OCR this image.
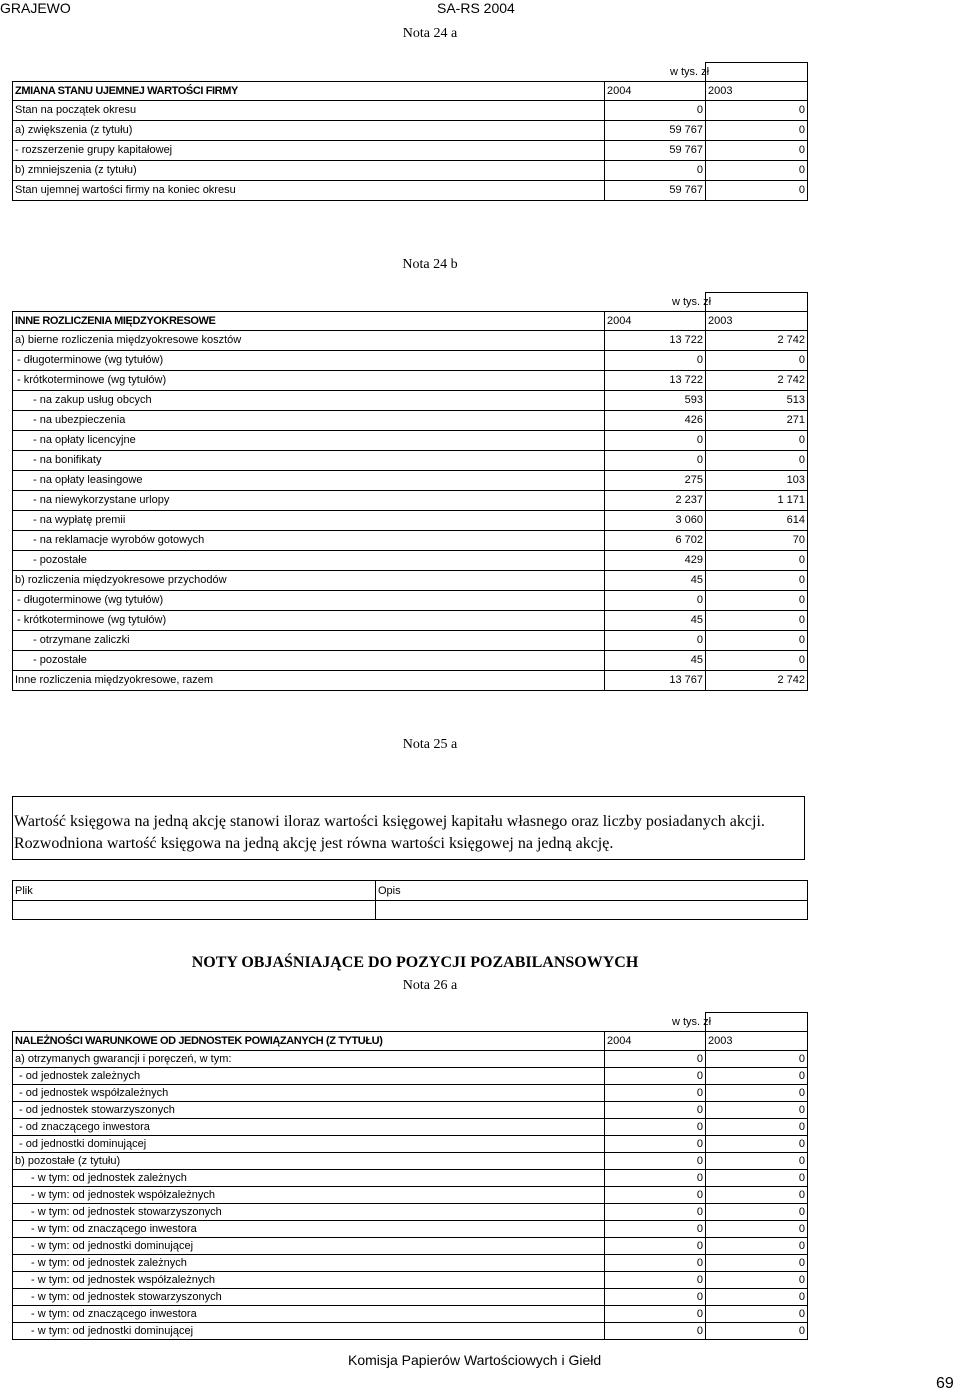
GRAJEWO	SA-RS 2004
Nota 24 a
		w tys. zł
ZMIANA STANU UJEMNEJ WARTOŚCI FIRMY	2004	2003
Stan na początek okresu	0	0
a) zwiększenia (z tytułu)	59 767	0
- rozszerzenie grupy kapitałowej	59 767	0
b) zmniejszenia (z tytułu)	0	0
Stan ujemnej wartości firmy na koniec okresu	59 767	0
Nota 24 b
		w tys. zł
INNE ROZLICZENIA MIĘDZYOKRESOWE	2004	2003
a) bierne rozliczenia międzyokresowe kosztów	13 722	2 742
- długoterminowe (wg tytułów)	0	0
- krótkoterminowe (wg tytułów)	13 722	2 742
- na zakup usług obcych	593	513
- na ubezpieczenia	426	271
- na opłaty licencyjne	0	0
- na bonifikaty	0	0
- na opłaty leasingowe	275	103
- na niewykorzystane urlopy	2 237	1 171
- na wypłatę premii	3 060	614
- na reklamacje wyrobów gotowych	6 702	70
- pozostałe	429	0
b) rozliczenia międzyokresowe przychodów	45	0
- długoterminowe (wg tytułów)	0	0
- krótkoterminowe (wg tytułów)	45	0
- otrzymane zaliczki	0	0
- pozostałe	45	0
Inne rozliczenia międzyokresowe, razem	13 767	2 742
Nota 25 a
Wartość księgowa na jedną akcję stanowi iloraz wartości księgowej kapitału własnego oraz liczby posiadanych akcji.
Rozwodniona wartość księgowa na jedną akcję jest równa wartości księgowej na jedną akcję.
Plik	Opis

NOTY OBJAŚNIAJĄCE DO POZYCJI POZABILANSOWYCH
Nota 26 a
		w tys. zł
NALEŻNOŚCI WARUNKOWE OD JEDNOSTEK POWIĄZANYCH (Z TYTUŁU)	2004	2003
a) otrzymanych gwarancji i poręczeń, w tym:	0	0
- od jednostek zależnych	0	0
- od jednostek współzależnych	0	0
- od jednostek stowarzyszonych	0	0
- od znaczącego inwestora	0	0
- od jednostki dominującej	0	0
b) pozostałe (z tytułu)	0	0
- w tym: od jednostek zależnych	0	0
- w tym: od jednostek współzależnych	0	0
- w tym: od jednostek stowarzyszonych	0	0
- w tym: od znaczącego inwestora	0	0
- w tym: od jednostki dominującej	0	0
- w tym: od jednostek zależnych	0	0
- w tym: od jednostek współzależnych	0	0
- w tym: od jednostek stowarzyszonych	0	0
- w tym: od znaczącego inwestora	0	0
- w tym: od jednostki dominującej	0	0
Komisja Papierów Wartościowych i Giełd
69
